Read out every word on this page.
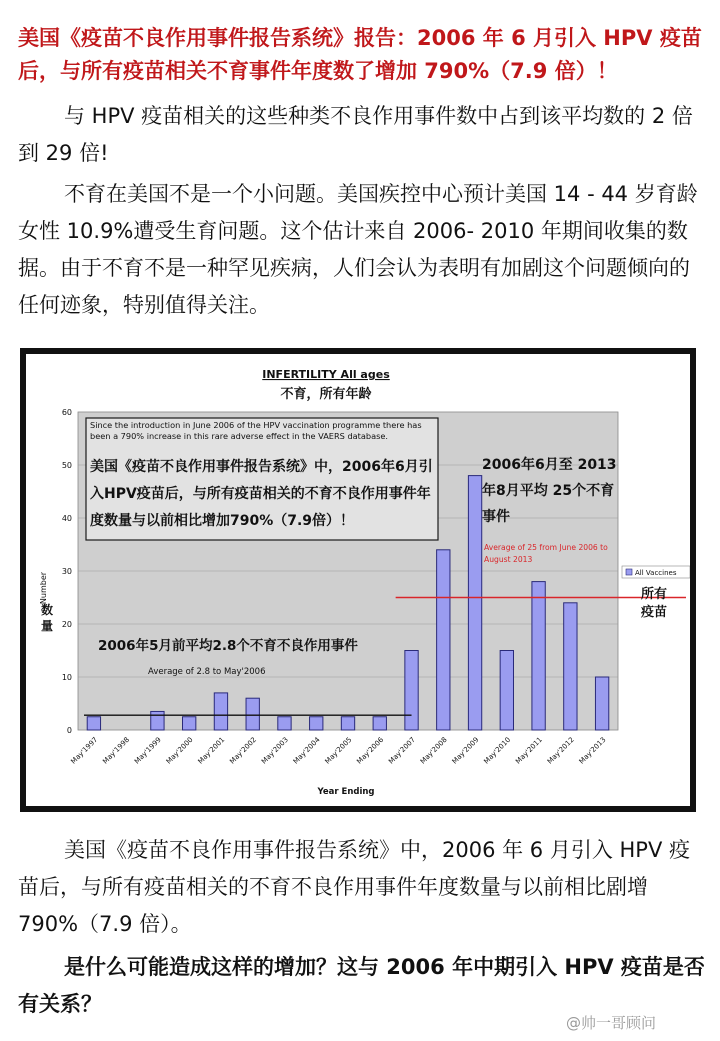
美国《疫苗不良作用事件报告系统》报告：2006 年 6 月引入 HPV 疫苗后，与所有疫苗相关不育事件年度数了增加 790%（7.9 倍）！
与 HPV 疫苗相关的这些种类不良作用事件数中占到该平均数的 2 倍到 29 倍!
不育在美国不是一个小问题。美国疾控中心预计美国 14 - 44 岁育龄女性 10.9%遭受生育问题。这个估计来自 2006- 2010 年期间收集的数据。由于不育不是一种罕见疾病，人们会认为表明有加剧这个问题倾向的任何迹象，特别值得关注。
INFERTILITY All ages
不育，所有年龄
0
10
20
30
40
50
60
Since the introduction in June 2006 of the HPV vaccination programme there has been a 790% increase in this rare adverse effect in the VAERS database.
美国《疫苗不良作用事件报告系统》中，2006年6月引入HPV疫苗后，与所有疫苗相关的不育不良作用事件年度数量与以前相比增加790%（7.9倍）！
May'1997 May'1998 May'1999 May'2000 May'2001 May'2002 May'2003 May'2004 May'2005 May'2006 May'2007 May'2008 May'2009 May'2010 May'2011 May'2012 May'2013
2006年6月至 2013年8月平均 25个不育事件
Average of 25 from June 2006 to August 2013
2006年5月前平均2.8个不育不良作用事件
Average of 2.8 to May'2006
Number
数
量
Year Ending
All Vaccines
所有
疫苗
美国《疫苗不良作用事件报告系统》中，2006 年 6 月引入 HPV 疫苗后，与所有疫苗相关的不育不良作用事件年度数量与以前相比剧增 790%（7.9 倍）。
是什么可能造成这样的增加？这与 2006 年中期引入 HPV 疫苗是否有关系？
@帅一哥顾问
